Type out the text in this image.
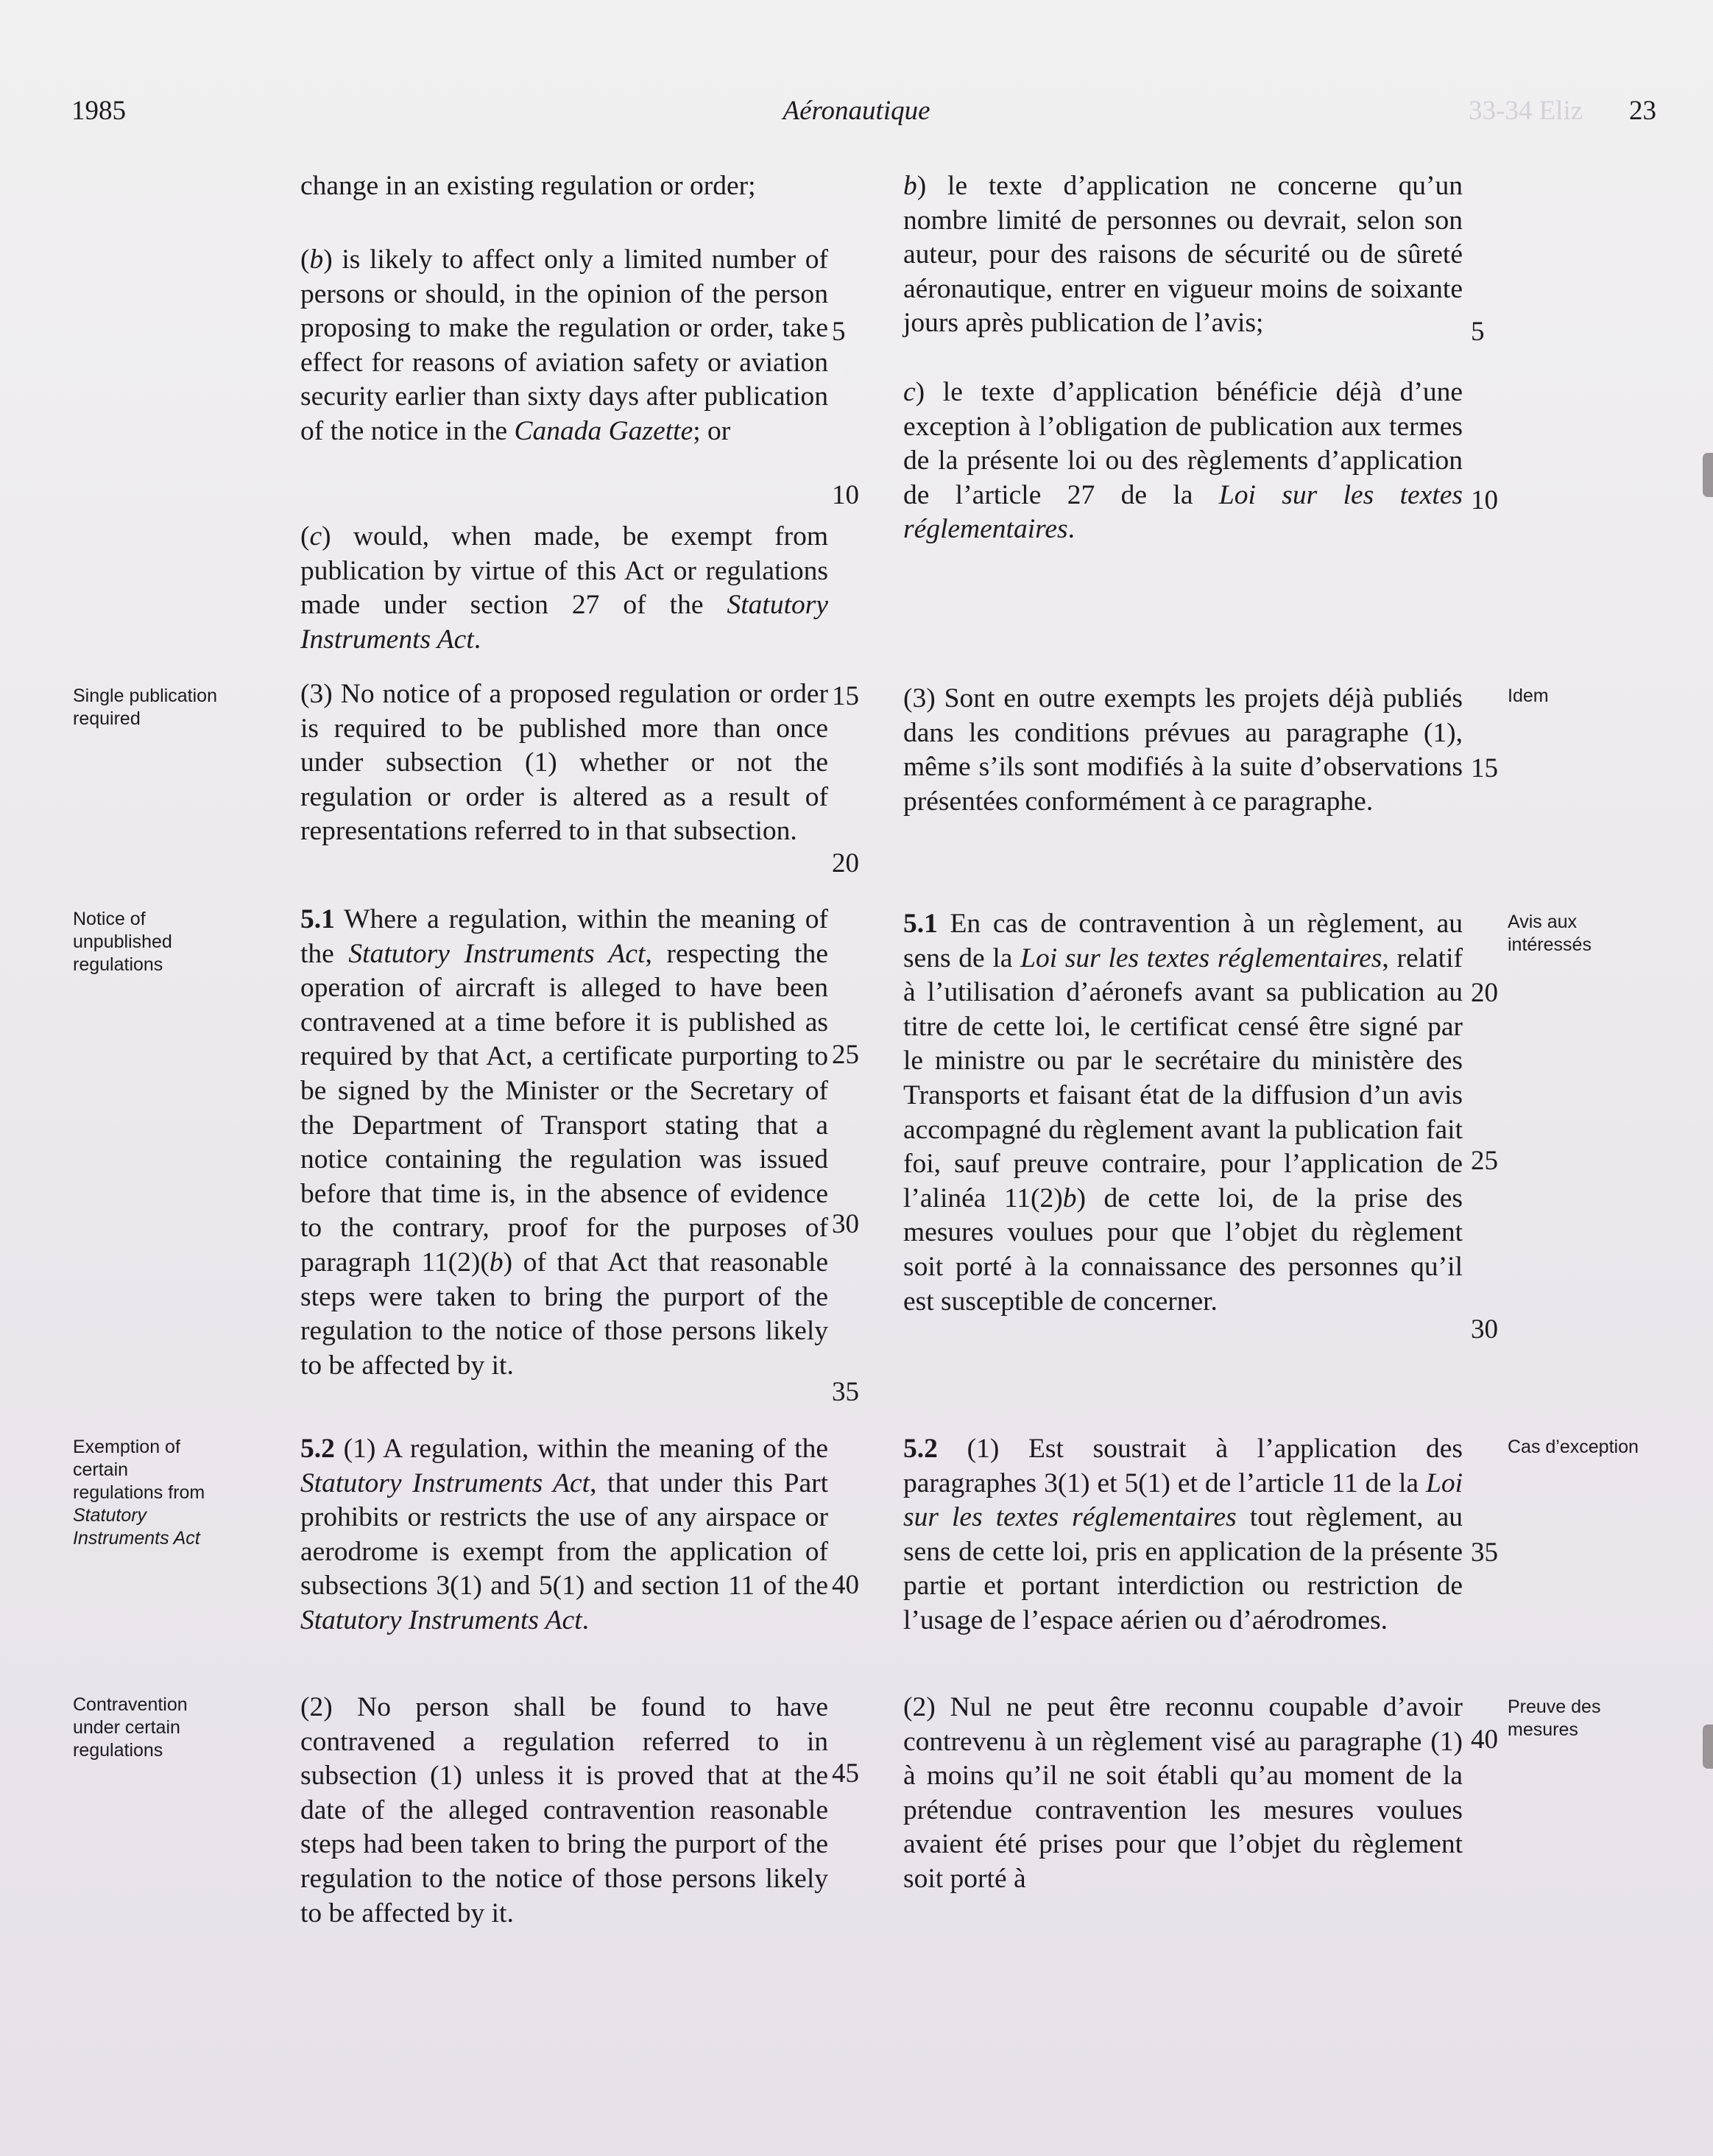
1985	Aéronautique	33-34 Eliz 23
Single publication required
Notice of unpublished regulations
Exemption of certain regulations from Statutory Instruments Act
Contravention under certain regulations
change in an existing regulation or order;
(b) is likely to affect only a limited number of persons or should, in the opinion of the person proposing to make the regulation or order, take effect for reasons of aviation safety or aviation security earlier than sixty days after publication of the notice in the Canada Gazette; or
(c) would, when made, be exempt from publication by virtue of this Act or regulations made under section 27 of the Statutory Instruments Act.
(3) No notice of a proposed regulation or order is required to be published more than once under subsection (1) whether or not the regulation or order is altered as a result of representations referred to in that subsection.
5.1 Where a regulation, within the meaning of the Statutory Instruments Act, respecting the operation of aircraft is alleged to have been contravened at a time before it is published as required by that Act, a certificate purporting to be signed by the Minister or the Secretary of the Department of Transport stating that a notice containing the regulation was issued before that time is, in the absence of evidence to the contrary, proof for the purposes of paragraph 11(2)(b) of that Act that reasonable steps were taken to bring the purport of the regulation to the notice of those persons likely to be affected by it.
5.2 (1) A regulation, within the meaning of the Statutory Instruments Act, that under this Part prohibits or restricts the use of any airspace or aerodrome is exempt from the application of subsections 3(1) and 5(1) and section 11 of the Statutory Instruments Act.
(2) No person shall be found to have contravened a regulation referred to in subsection (1) unless it is proved that at the date of the alleged contravention reasonable steps had been taken to bring the purport of the regulation to the notice of those persons likely to be affected by it.
5
10
15
20
25
30
35
40
45
b) le texte d’application ne concerne qu’un nombre limité de personnes ou devrait, selon son auteur, pour des raisons de sécurité ou de sûreté aéronautique, entrer en vigueur moins de soixante jours après publication de l’avis;
c) le texte d’application bénéficie déjà d’une exception à l’obligation de publication aux termes de la présente loi ou des règlements d’application de l’article 27 de la Loi sur les textes réglementaires.
(3) Sont en outre exempts les projets déjà publiés dans les conditions prévues au paragraphe (1), même s’ils sont modifiés à la suite d’observations présentées conformément à ce paragraphe.
5.1 En cas de contravention à un règlement, au sens de la Loi sur les textes réglementaires, relatif à l’utilisation d’aéronefs avant sa publication au titre de cette loi, le certificat censé être signé par le ministre ou par le secrétaire du ministère des Transports et faisant état de la diffusion d’un avis accompagné du règlement avant la publication fait foi, sauf preuve contraire, pour l’application de l’alinéa 11(2)b) de cette loi, de la prise des mesures voulues pour que l’objet du règlement soit porté à la connaissance des personnes qu’il est susceptible de concerner.
5.2 (1) Est soustrait à l’application des paragraphes 3(1) et 5(1) et de l’article 11 de la Loi sur les textes réglementaires tout règlement, au sens de cette loi, pris en application de la présente partie et portant interdiction ou restriction de l’usage de l’espace aérien ou d’aérodromes.
(2) Nul ne peut être reconnu coupable d’avoir contrevenu à un règlement visé au paragraphe (1) à moins qu’il ne soit établi qu’au moment de la prétendue contravention les mesures voulues avaient été prises pour que l’objet du règlement soit porté à
5
10
15
20
25
30
35
40
Idem
Avis aux intéressés
Cas d’exception
Preuve des mesures
